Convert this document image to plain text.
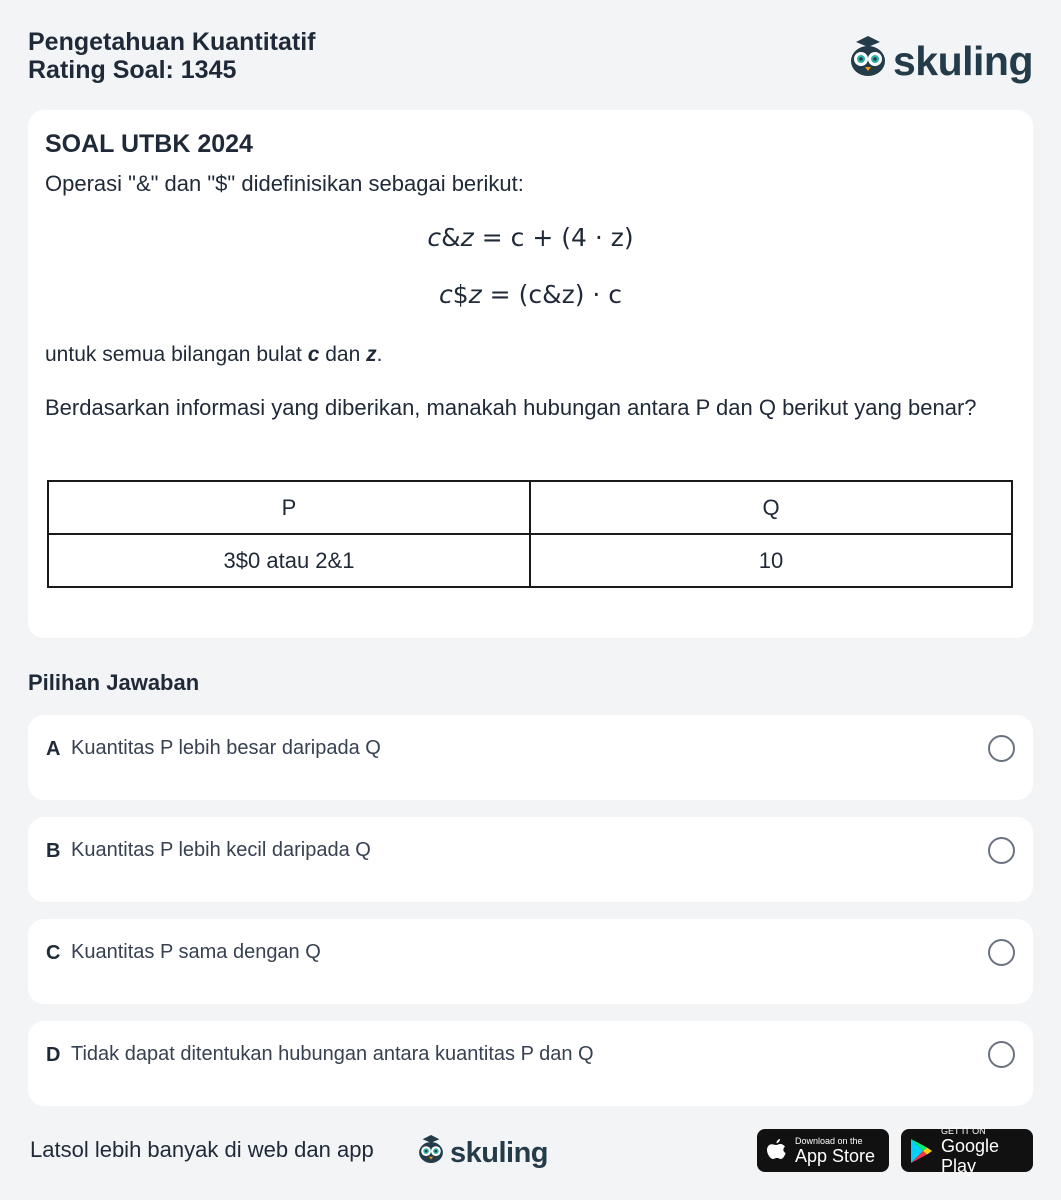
Pengetahuan Kuantitatif
Rating Soal: 1345	skuling
SOAL UTBK 2024
Operasi "&" dan "$" didefinisikan sebagai berikut:
c&z = c + (4 · z)
c$z = (c&z) · c
untuk semua bilangan bulat c dan z.
Berdasarkan informasi yang diberikan, manakah hubungan antara P dan Q berikut yang benar?
P	Q
3$0 atau 2&1	10
Pilihan Jawaban
A Kuantitas P lebih besar daripada Q
B Kuantitas P lebih kecil daripada Q
C Kuantitas P sama dengan Q
D Tidak dapat ditentukan hubungan antara kuantitas P dan Q
Latsol lebih banyak di web dan app	skuling	Download on the
App Store
GET IT ON
Google Play
